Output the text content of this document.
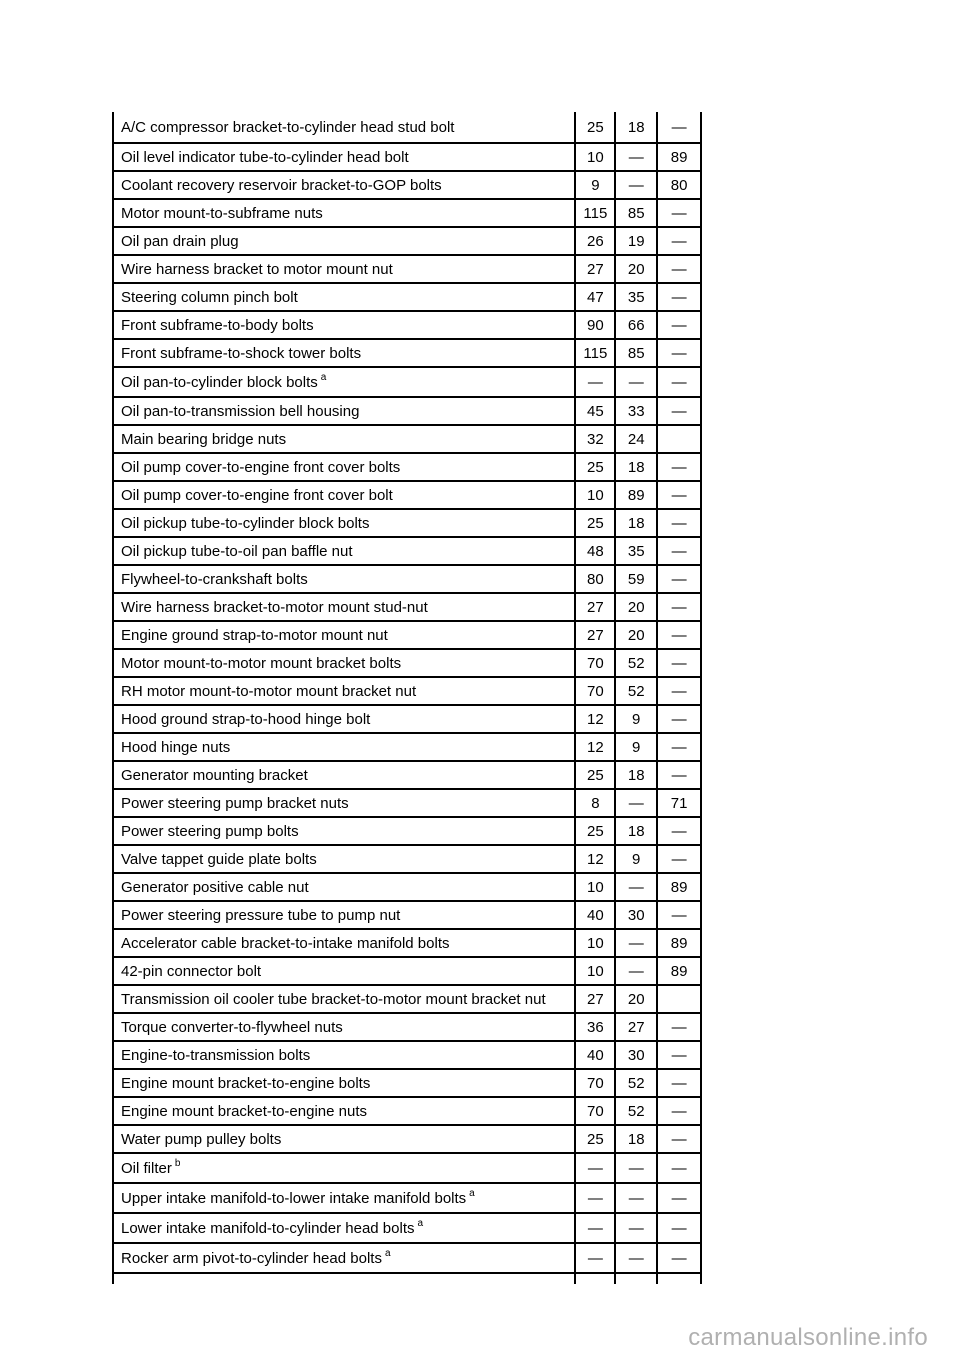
A/C compressor bracket-to-cylinder head stud bolt	25	18	—
Oil level indicator tube-to-cylinder head bolt	10	—	89
Coolant recovery reservoir bracket-to-GOP bolts	9	—	80
Motor mount-to-subframe nuts	115	85	—
Oil pan drain plug	26	19	—
Wire harness bracket to motor mount nut	27	20	—
Steering column pinch bolt	47	35	—
Front subframe-to-body bolts	90	66	—
Front subframe-to-shock tower bolts	115	85	—
Oil pan-to-cylinder block bolts $^a$	—	—	—
Oil pan-to-transmission bell housing	45	33	—
Main bearing bridge nuts	32	24
Oil pump cover-to-engine front cover bolts	25	18	—
Oil pump cover-to-engine front cover bolt	10	89	—
Oil pickup tube-to-cylinder block bolts	25	18	—
Oil pickup tube-to-oil pan baffle nut	48	35	—
Flywheel-to-crankshaft bolts	80	59	—
Wire harness bracket-to-motor mount stud-nut	27	20	—
Engine ground strap-to-motor mount nut	27	20	—
Motor mount-to-motor mount bracket bolts	70	52	—
RH motor mount-to-motor mount bracket nut	70	52	—
Hood ground strap-to-hood hinge bolt	12	9	—
Hood hinge nuts	12	9	—
Generator mounting bracket	25	18	—
Power steering pump bracket nuts	8	—	71
Power steering pump bolts	25	18	—
Valve tappet guide plate bolts	12	9	—
Generator positive cable nut	10	—	89
Power steering pressure tube to pump nut	40	30	—
Accelerator cable bracket-to-intake manifold bolts	10	—	89
42-pin connector bolt	10	—	89
Transmission oil cooler tube bracket-to-motor mount bracket nut	27	20
Torque converter-to-flywheel nuts	36	27	—
Engine-to-transmission bolts	40	30	—
Engine mount bracket-to-engine bolts	70	52	—
Engine mount bracket-to-engine nuts	70	52	—
Water pump pulley bolts	25	18	—
Oil filter $^b$	—	—	—
Upper intake manifold-to-lower intake manifold bolts $^a$	—	—	—
Lower intake manifold-to-cylinder head bolts $^a$	—	—	—
Rocker arm pivot-to-cylinder head bolts $^a$	—	—	—
carmanualsonline.info
